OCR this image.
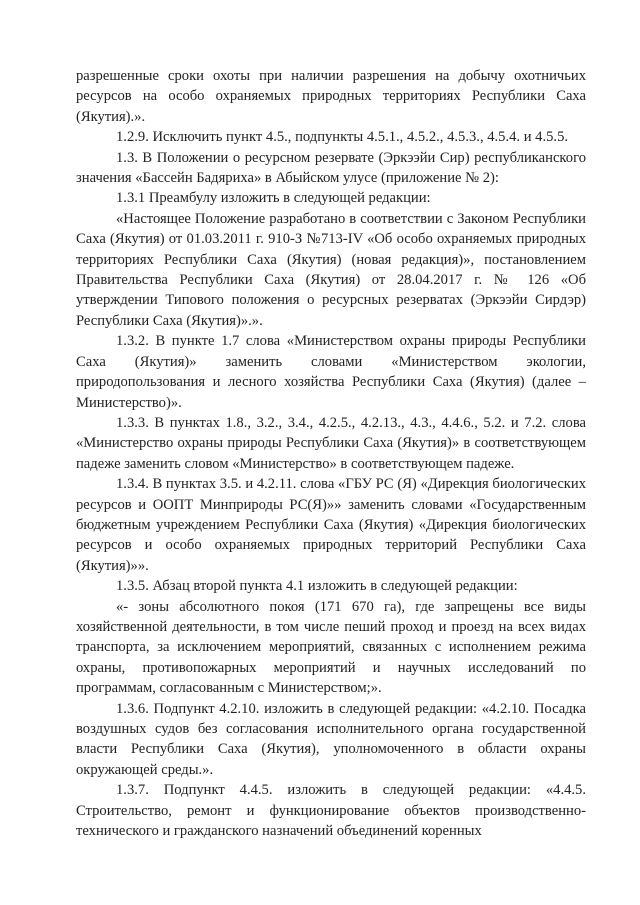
разрешенные сроки охоты при наличии разрешения на добычу охотничьих ресурсов на особо охраняемых природных территориях Республики Саха (Якутия).».

1.2.9. Исключить пункт 4.5., подпункты 4.5.1., 4.5.2., 4.5.3., 4.5.4. и 4.5.5.

1.3. В Положении о ресурсном резервате (Эркээйи Сир) республиканского значения «Бассейн Бадяриха» в Абыйском улусе (приложение № 2):

1.3.1 Преамбулу изложить в следующей редакции:

«Настоящее Положение разработано в соответствии с Законом Республики Саха (Якутия) от 01.03.2011 г. 910-З №713-IV «Об особо охраняемых природных территориях Республики Саха (Якутия) (новая редакция)», постановлением Правительства Республики Саха (Якутия) от 28.04.2017 г. № 126 «Об утверждении Типового положения о ресурсных резерватах (Эркээйи Сирдэр) Республики Саха (Якутия)».».

1.3.2. В пункте 1.7 слова «Министерством охраны природы Республики Саха (Якутия)» заменить словами «Министерством экологии, природопользования и лесного хозяйства Республики Саха (Якутия) (далее – Министерство)».

1.3.3. В пунктах 1.8., 3.2., 3.4., 4.2.5., 4.2.13., 4.3., 4.4.6., 5.2. и 7.2. слова «Министерство охраны природы Республики Саха (Якутия)» в соответствующем падеже заменить словом «Министерство» в соответствующем падеже.

1.3.4. В пунктах 3.5. и 4.2.11. слова «ГБУ РС (Я) «Дирекция биологических ресурсов и ООПТ Минприроды РС(Я)»» заменить словами «Государственным бюджетным учреждением Республики Саха (Якутия) «Дирекция биологических ресурсов и особо охраняемых природных территорий Республики Саха (Якутия)»».

1.3.5. Абзац второй пункта 4.1 изложить в следующей редакции:

«- зоны абсолютного покоя (171 670 га), где запрещены все виды хозяйственной деятельности, в том числе пеший проход и проезд на всех видах транспорта, за исключением мероприятий, связанных с исполнением режима охраны, противопожарных мероприятий и научных исследований по программам, согласованным с Министерством;».

1.3.6. Подпункт 4.2.10. изложить в следующей редакции: «4.2.10. Посадка воздушных судов без согласования исполнительного органа государственной власти Республики Саха (Якутия), уполномоченного в области охраны окружающей среды.».

1.3.7. Подпункт 4.4.5. изложить в следующей редакции: «4.4.5. Строительство, ремонт и функционирование объектов производственно-технического и гражданского назначений объединений коренных
